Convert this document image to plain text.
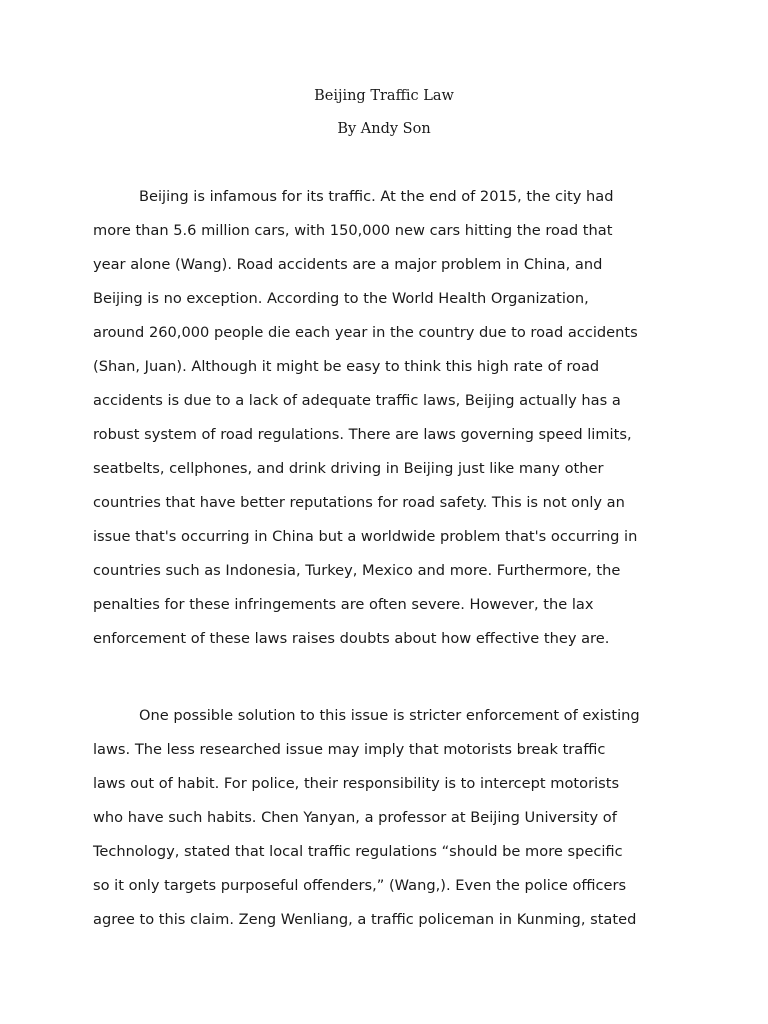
Beijing Traffic Law

By Andy Son

Beijing is infamous for its traffic. At the end of 2015, the city had
more than 5.6 million cars, with 150,000 new cars hitting the road that
year alone (Wang). Road accidents are a major problem in China, and
Beijing is no exception. According to the World Health Organization,
around 260,000 people die each year in the country due to road accidents
(Shan, Juan). Although it might be easy to think this high rate of road
accidents is due to a lack of adequate traffic laws, Beijing actually has a
robust system of road regulations. There are laws governing speed limits,
seatbelts, cellphones, and drink driving in Beijing just like many other
countries that have better reputations for road safety. This is not only an
issue that's occurring in China but a worldwide problem that's occurring in
countries such as Indonesia, Turkey, Mexico and more. Furthermore, the
penalties for these infringements are often severe. However, the lax
enforcement of these laws raises doubts about how effective they are.

One possible solution to this issue is stricter enforcement of existing
laws. The less researched issue may imply that motorists break traffic
laws out of habit. For police, their responsibility is to intercept motorists
who have such habits. Chen Yanyan, a professor at Beijing University of
Technology, stated that local traffic regulations “should be more specific
so it only targets purposeful offenders,” (Wang,). Even the police officers
agree to this claim. Zeng Wenliang, a traffic policeman in Kunming, stated
